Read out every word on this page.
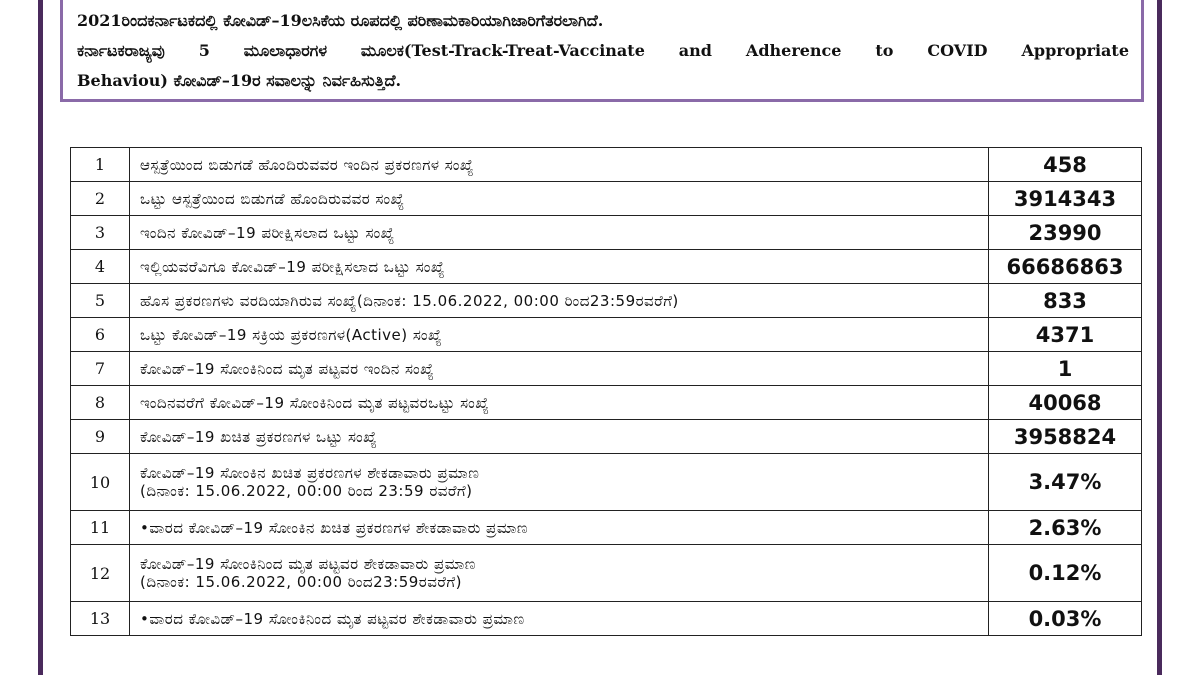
2021ರಿಂದಕರ್ನಾಟಕದಲ್ಲಿ ಕೋವಿಡ್–19ಲಸಿಕೆಯ ರೂಪದಲ್ಲಿ ಪರಿಣಾಮಕಾರಿಯಾಗಿಜಾರಿಗೆತರಲಾಗಿದೆ.

ಕರ್ನಾಟಕರಾಜ್ಯವು 5 ಮೂಲಾಧಾರಗಳ ಮೂಲಕ(Test-Track-Treat-Vaccinate and Adherence to COVID Appropriate

Behaviou) ಕೋವಿಡ್–19ರ ಸವಾಲನ್ನು ನಿರ್ವಹಿಸುತ್ತಿದೆ.

1	ಆಸ್ಪತ್ರೆಯಿಂದ ಬಿಡುಗಡೆ ಹೊಂದಿರುವವರ ಇಂದಿನ ಪ್ರಕರಣಗಳ ಸಂಖ್ಯೆ	458
2	ಒಟ್ಟು ಆಸ್ಪತ್ರೆಯಿಂದ ಬಿಡುಗಡೆ ಹೊಂದಿರುವವರ ಸಂಖ್ಯೆ	3914343
3	ಇಂದಿನ ಕೋವಿಡ್–19 ಪರೀಕ್ಷಿಸಲಾದ ಒಟ್ಟು ಸಂಖ್ಯೆ	23990
4	ಇಲ್ಲಿಯವರೆವಿಗೂ ಕೋವಿಡ್–19 ಪರೀಕ್ಷಿಸಲಾದ ಒಟ್ಟು ಸಂಖ್ಯೆ	66686863
5	ಹೊಸ ಪ್ರಕರಣಗಳು ವರದಿಯಾಗಿರುವ ಸಂಖ್ಯೆ(ದಿನಾಂಕ: 15.06.2022, 00:00 ರಿಂದ23:59ರವರೆಗೆ)	833
6	ಒಟ್ಟು ಕೋವಿಡ್–19 ಸಕ್ರಿಯ ಪ್ರಕರಣಗಳ(Active) ಸಂಖ್ಯೆ	4371
7	ಕೋವಿಡ್–19 ಸೋಂಕಿನಿಂದ ಮೃತ ಪಟ್ಟವರ ಇಂದಿನ ಸಂಖ್ಯೆ	1
8	ಇಂದಿನವರೆಗೆ ಕೋವಿಡ್–19 ಸೋಂಕಿನಿಂದ ಮೃತ ಪಟ್ಟವರಒಟ್ಟು ಸಂಖ್ಯೆ	40068
9	ಕೋವಿಡ್–19 ಖಚಿತ ಪ್ರಕರಣಗಳ ಒಟ್ಟು ಸಂಖ್ಯೆ	3958824
10	ಕೋವಿಡ್–19 ಸೋಂಕಿನ ಖಚಿತ ಪ್ರಕರಣಗಳ ಶೇಕಡಾವಾರು ಪ್ರಮಾಣ
(ದಿನಾಂಕ: 15.06.2022, 00:00 ರಿಂದ 23:59 ರವರೆಗೆ)	3.47%
11	•ವಾರದ ಕೋವಿಡ್–19 ಸೋಂಕಿನ ಖಚಿತ ಪ್ರಕರಣಗಳ ಶೇಕಡಾವಾರು ಪ್ರಮಾಣ	2.63%
12	ಕೋವಿಡ್–19 ಸೋಂಕಿನಿಂದ ಮೃತ ಪಟ್ಟವರ ಶೇಕಡಾವಾರು ಪ್ರಮಾಣ
(ದಿನಾಂಕ: 15.06.2022, 00:00 ರಿಂದ23:59ರವರೆಗೆ)	0.12%
13	•ವಾರದ ಕೋವಿಡ್–19 ಸೋಂಕಿನಿಂದ ಮೃತ ಪಟ್ಟವರ ಶೇಕಡಾವಾರು ಪ್ರಮಾಣ	0.03%
